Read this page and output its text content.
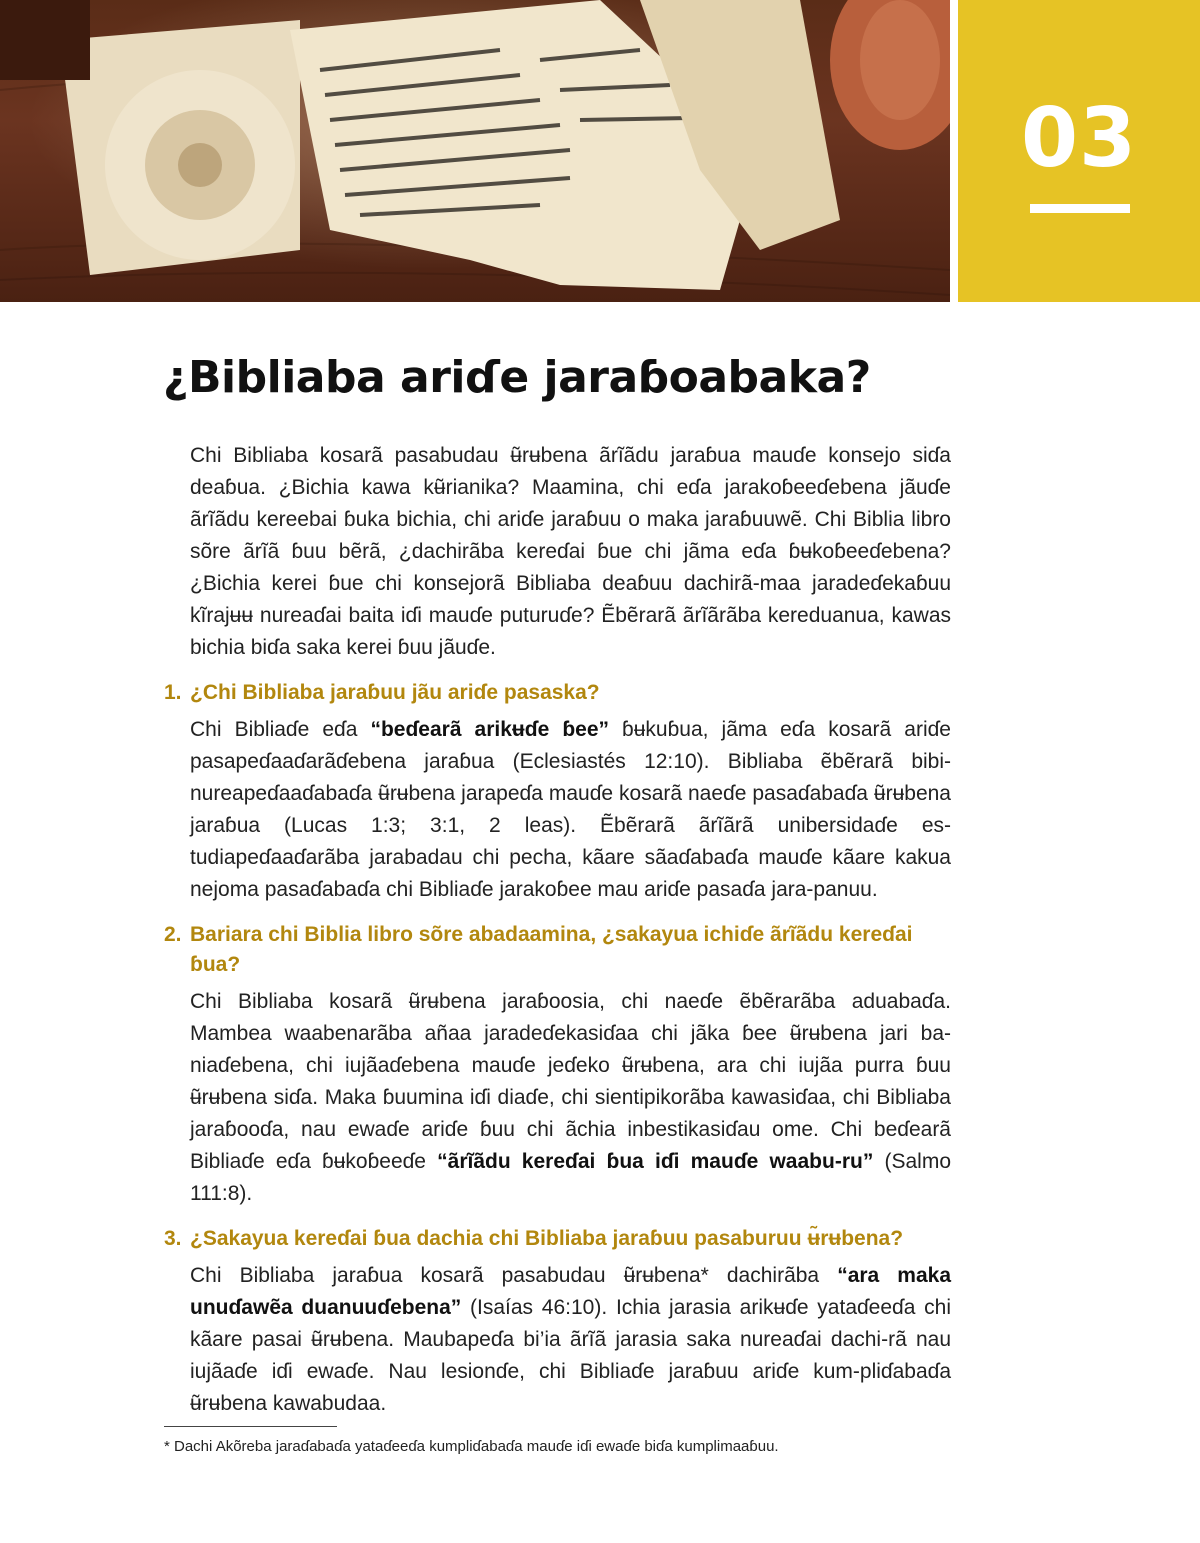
03
¿Bibliaba ariɗe jaraɓoabaka?

Chi Bibliaba kosarã pasabudau ʉ̃rʉbena ãrĩãdu jaraɓua mauɗe konsejo siɗa deaɓua. ¿Bichia kawa kʉ̃rianika? Maamina, chi eɗa jarakoɓeeɗebena jãuɗe ãrĩãdu kereebai ɓuka bichia, chi ariɗe jaraɓuu o maka jaraɓuuwẽ. Chi Biblia libro sõre ãrĩã ɓuu bẽrã, ¿dachirãba kereɗai ɓue chi jãma eɗa ɓʉkoɓeeɗebena? ¿Bichia kerei ɓue chi konsejorã Bibliaba deaɓuu dachirã-maa jaradeɗekaɓuu kĩrajʉʉ nureaɗai baita iɗi mauɗe puturuɗe? Ẽbẽrarã ãrĩãrãba kereduanua, kawas bichia biɗa saka kerei ɓuu jãuɗe.

1. ¿Chi Bibliaba jaraɓuu jãu ariɗe pasaska?

Chi Bibliaɗe eɗa “beɗearã arikʉɗe ɓee” ɓʉkuɓua, jãma eɗa kosarã ariɗe pasapeɗaaɗarãɗebena jaraɓua (Eclesiastés 12:10). Bibliaba ẽbẽrarã bibi-nureapeɗaaɗabaɗa ʉ̃rʉbena jarapeɗa mauɗe kosarã naeɗe pasaɗabaɗa ʉ̃rʉbena jaraɓua (Lucas 1:3; 3:1, 2 leas). Ẽbẽrarã ãrĩãrã unibersidaɗe es-tudiapeɗaaɗarãba jarabadau chi pecha, kãare sãaɗabaɗa mauɗe kãare kakua nejoma pasaɗabaɗa chi Bibliaɗe jarakoɓee mau ariɗe pasaɗa jara-panuu.

2. Bariara chi Biblia libro sõre abadaamina, ¿sakayua ichiɗe ãrĩãdu kereɗai ɓua?

Chi Bibliaba kosarã ʉ̃rʉbena jaraɓoosia, chi naeɗe ẽbẽrarãba aduabaɗa. Mambea waabenarãba añaa jaradeɗekasiɗaa chi jãka ɓee ʉ̃rʉbena jari ba-niaɗebena, chi iujãaɗebena mauɗe jeɗeko ʉ̃rʉbena, ara chi iujãa purra ɓuu ʉ̃rʉbena siɗa. Maka ɓuumina iɗi diaɗe, chi sientipikorãba kawasiɗaa, chi Bibliaba jaraɓooɗa, nau ewaɗe ariɗe ɓuu chi ãchia inbestikasiɗau ome. Chi beɗearã Bibliaɗe eɗa ɓʉkoɓeeɗe “ãrĩãdu kereɗai ɓua iɗi mauɗe waabu-ru” (Salmo 111:8).

3. ¿Sakayua kereɗai ɓua dachia chi Bibliaba jaraɓuu pasaburuu ʉ̃rʉbena?

Chi Bibliaba jaraɓua kosarã pasabudau ʉ̃rʉbena* dachirãba “ara maka unuɗawẽa duanuuɗebena” (Isaías 46:10). Ichia jarasia arikʉɗe yataɗeeɗa chi kãare pasai ʉ̃rʉbena. Maubapeɗa bi’ia ãrĩã jarasia saka nureaɗai dachi-rã nau iujãaɗe iɗi ewaɗe. Nau lesionɗe, chi Bibliaɗe jaraɓuu ariɗe kum-pliɗabaɗa ʉ̃rʉbena kawabudaa.

* Dachi Akõreba jaraɗabaɗa yataɗeeɗa kumpliɗabaɗa mauɗe iɗi ewaɗe biɗa kumplimaaɓuu.
